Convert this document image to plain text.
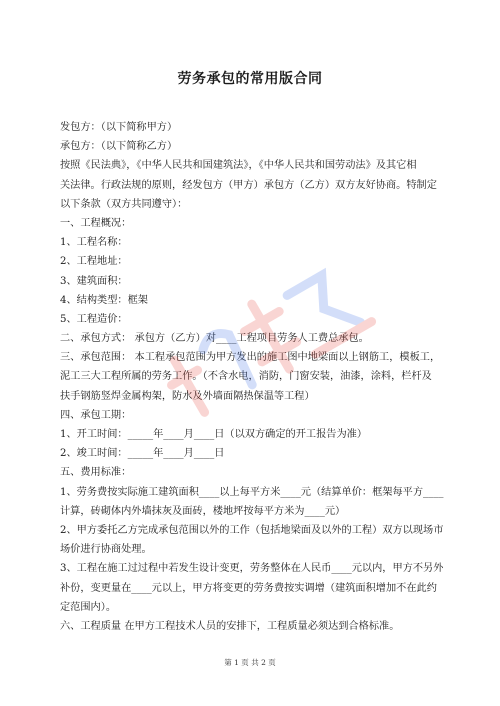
劳务承包的常用版合同
发包方：（以下简称甲方）
承包方：（以下简称乙方）
按照《民法典》，《中华人民共和国建筑法》，《中华人民共和国劳动法》及其它相
关法律。行政法规的原则，经发包方（甲方）承包方（乙方）双方友好协商。特制定
以下条款（双方共同遵守）：
一、工程概况：
1、工程名称：
2、工程地址：
3、建筑面积：
4、结构类型：框架
5、工程造价：
二、承包方式： 承包方（乙方）对____工程项目劳务人工费总承包。
三、承包范围： 本工程承包范围为甲方发出的施工图中地梁面以上钢筋工，模板工，
泥工三大工程所属的劳务工作。（不含水电，消防，门窗安装，油漆，涂料，栏杆及
扶手钢筋竖焊金属构架，防水及外墙面隔热保温等工程）
四、承包工期：
1、开工时间：_____年____月____日（以双方确定的开工报告为准）
2、竣工时间：_____年____月____日
五、费用标准：
1、劳务费按实际施工建筑面积____以上每平方米____元（结算单价：框架每平方____
计算，砖砌体内外墙抹灰及面砖，楼地坪按每平方米为____元）
2、甲方委托乙方完成承包范围以外的工作（包括地梁面及以外的工程）双方以现场市
场价进行协商处理。
3、工程在施工过过程中若发生设计变更，劳务整体在人民币____元以内，甲方不另外
补份，变更量在____元以上，甲方将变更的劳务费按实调增（建筑面积增加不在此约
定范围内）。
六、工程质量 在甲方工程技术人员的安排下，工程质量必须达到合格标准。
第 1 页 共 2 页
